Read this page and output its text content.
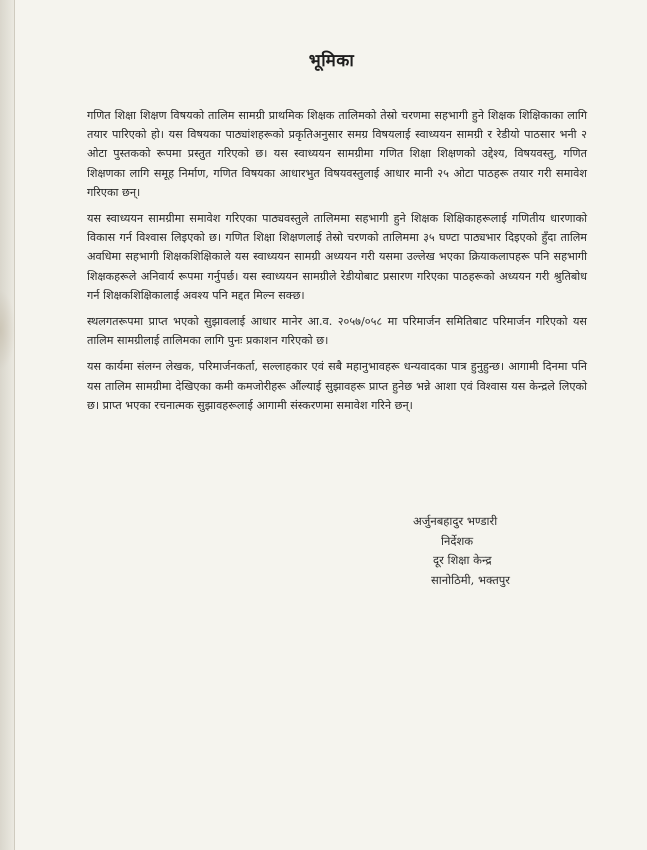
भूमिका

गणित शिक्षा शिक्षण विषयको तालिम सामग्री प्राथमिक शिक्षक तालिमको तेस्रो चरणमा सहभागी हुने शिक्षक शिक्षिकाका लागि तयार पारिएको हो। यस विषयका पाठ्यांशहरूको प्रकृतिअनुसार समग्र विषयलाई स्वाध्ययन सामग्री र रेडीयो पाठसार भनी २ ओटा पुस्तकको रूपमा प्रस्तुत गरिएको छ। यस स्वाध्ययन सामग्रीमा गणित शिक्षा शिक्षणको उद्देश्य, विषयवस्तु, गणित शिक्षणका लागि समूह निर्माण, गणित विषयका आधारभुत विषयवस्तुलाई आधार मानी २५ ओटा पाठहरू तयार गरी समावेश गरिएका छन्।

यस स्वाध्ययन सामग्रीमा समावेश गरिएका पाठ्यवस्तुले तालिममा सहभागी हुने शिक्षक शिक्षिकाहरूलाई गणितीय धारणाको विकास गर्न विश्वास लिइएको छ। गणित शिक्षा शिक्षणलाई तेस्रो चरणको तालिममा ३५ घण्टा पाठ्यभार दिइएको हुँदा तालिम अवधिमा सहभागी शिक्षकशिक्षिकाले यस स्वाध्ययन सामग्री अध्ययन गरी यसमा उल्लेख भएका क्रियाकलापहरू पनि सहभागी शिक्षकहरूले अनिवार्य रूपमा गर्नुपर्छ। यस स्वाध्ययन सामग्रीले रेडीयोबाट प्रसारण गरिएका पाठहरूको अध्ययन गरी श्रुतिबोध गर्न शिक्षकशिक्षिकालाई अवश्य पनि मद्दत मिल्न सक्छ।

स्थलगतरूपमा प्राप्त भएको सुझावलाई आधार मानेर आ.व. २०५७/०५८ मा परिमार्जन समितिबाट परिमार्जन गरिएको यस तालिम सामग्रीलाई तालिमका लागि पुनः प्रकाशन गरिएको छ।

यस कार्यमा संलग्न लेखक, परिमार्जनकर्ता, सल्लाहकार एवं सबै महानुभावहरू धन्यवादका पात्र हुनुहुन्छ। आगामी दिनमा पनि यस तालिम सामग्रीमा देखिएका कमी कमजोरीहरू औंल्याई सुझावहरू प्राप्त हुनेछ भन्ने आशा एवं विश्वास यस केन्द्रले लिएको छ। प्राप्त भएका रचनात्मक सुझावहरूलाई आगामी संस्करणमा समावेश गरिने छन्।

अर्जुनबहादुर भण्डारी
निर्देशक
दूर शिक्षा केन्द्र
सानोठिमी, भक्तपुर
